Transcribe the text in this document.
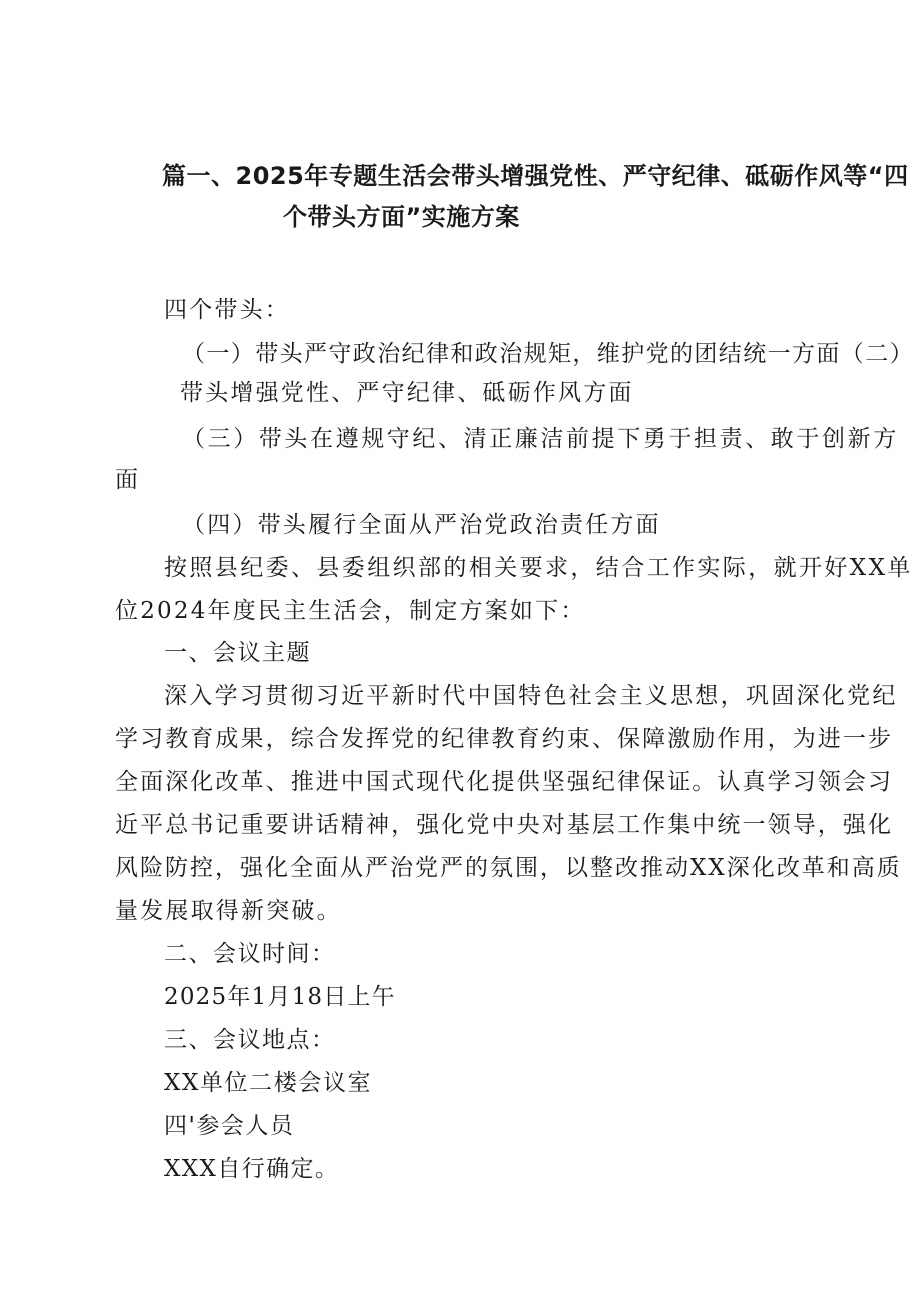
篇一、2025年专题生活会带头增强党性、严守纪律、砥砺作风等“四
个带头方面”实施方案
四个带头：
（一）带头严守政治纪律和政治规矩，维护党的团结统一方面（二）
带头增强党性、严守纪律、砥砺作风方面
（三）带头在遵规守纪、清正廉洁前提下勇于担责、敢于创新方
面
（四）带头履行全面从严治党政治责任方面
按照县纪委、县委组织部的相关要求，结合工作实际，就开好XX单
位2024年度民主生活会，制定方案如下：
一、会议主题
深入学习贯彻习近平新时代中国特色社会主义思想，巩固深化党纪
学习教育成果，综合发挥党的纪律教育约束、保障激励作用，为进一步
全面深化改革、推进中国式现代化提供坚强纪律保证。认真学习领会习
近平总书记重要讲话精神，强化党中央对基层工作集中统一领导，强化
风险防控，强化全面从严治党严的氛围，以整改推动XX深化改革和高质
量发展取得新突破。
二、会议时间：
2025年1月18日上午
三、会议地点：
XX单位二楼会议室
四'参会人员
XXX自行确定。
